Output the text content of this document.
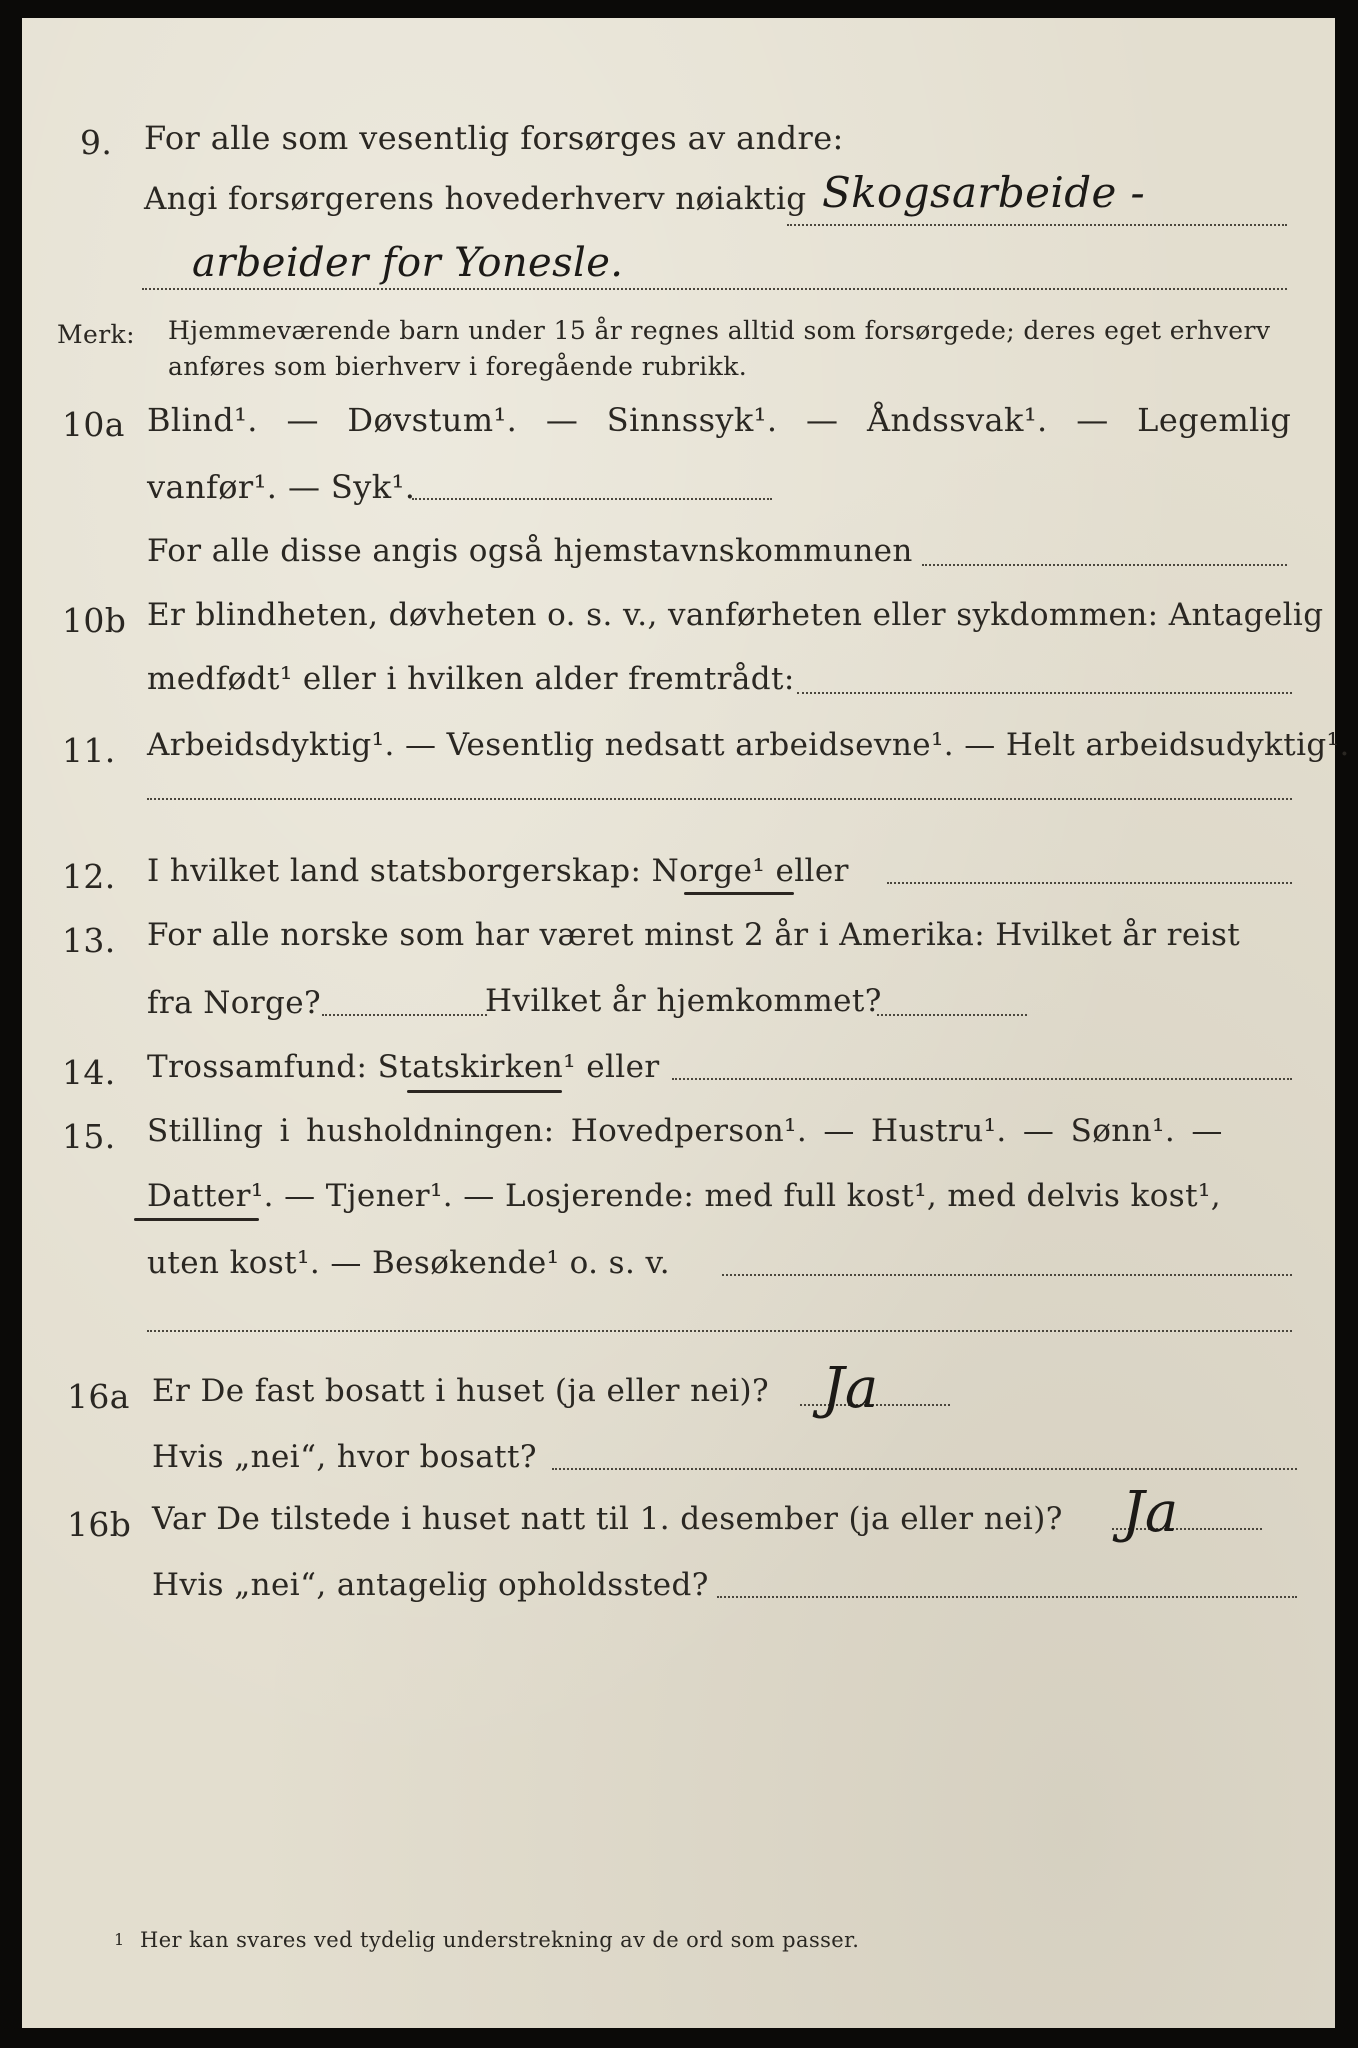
9. For alle som vesentlig forsørges av andre:
Angi forsørgerens hovederhverv nøiaktig Skogsarbeide -
arbeider for Yonesle.
Merk: Hjemmeværende barn under 15 år regnes alltid som forsørgede; deres eget erhverv
anføres som bierhverv i foregående rubrikk.
10a Blind¹. — Døvstum¹. — Sinnssyk¹. — Åndssvak¹. — Legemlig
vanfør¹. — Syk¹.
For alle disse angis også hjemstavnskommunen
10b Er blindheten, døvheten o. s. v., vanførheten eller sykdommen: Antagelig
medfødt¹ eller i hvilken alder fremtrådt:
11. Arbeidsdyktig¹. — Vesentlig nedsatt arbeidsevne¹. — Helt arbeidsudyktig¹.
12. I hvilket land statsborgerskap: Norge¹ eller
13. For alle norske som har været minst 2 år i Amerika: Hvilket år reist
fra Norge?	Hvilket år hjemkommet?
14. Trossamfund: Statskirken¹ eller
15. Stilling i husholdningen: Hovedperson¹. — Hustru¹. — Sønn¹. —
Datter¹. — Tjener¹. — Losjerende: med full kost¹, med delvis kost¹,
uten kost¹. — Besøkende¹ o. s. v.
16a Er De fast bosatt i huset (ja eller nei)? Ja
Hvis „nei“, hvor bosatt?
16b Var De tilstede i huset natt til 1. desember (ja eller nei)? Ja
Hvis „nei“, antagelig opholdssted?
1 Her kan svares ved tydelig understrekning av de ord som passer.
